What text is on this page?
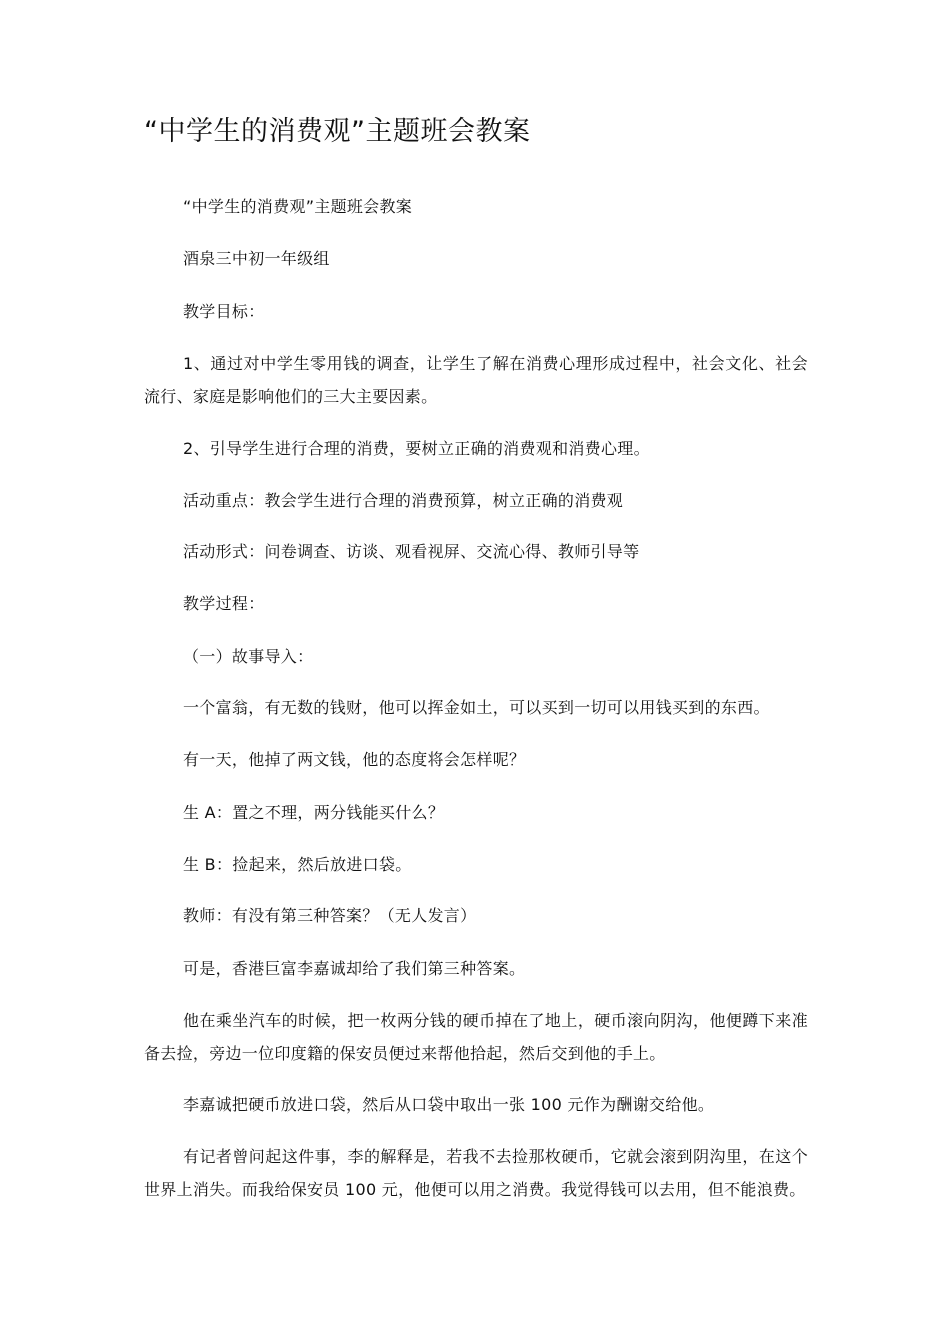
“中学生的消费观”主题班会教案

“中学生的消费观”主题班会教案

酒泉三中初一年级组

教学目标：

1、通过对中学生零用钱的调查，让学生了解在消费心理形成过程中，社会文化、社会流行、家庭是影响他们的三大主要因素。

2、引导学生进行合理的消费，要树立正确的消费观和消费心理。

活动重点：教会学生进行合理的消费预算，树立正确的消费观

活动形式：问卷调查、访谈、观看视屏、交流心得、教师引导等

教学过程：

（一）故事导入：

一个富翁，有无数的钱财，他可以挥金如土，可以买到一切可以用钱买到的东西。

有一天，他掉了两文钱，他的态度将会怎样呢？

生 A：置之不理，两分钱能买什么？

生 B：捡起来，然后放进口袋。

教师：有没有第三种答案？（无人发言）

可是，香港巨富李嘉诚却给了我们第三种答案。

他在乘坐汽车的时候，把一枚两分钱的硬币掉在了地上，硬币滚向阴沟，他便蹲下来准备去捡，旁边一位印度籍的保安员便过来帮他拾起，然后交到他的手上。

李嘉诚把硬币放进口袋，然后从口袋中取出一张 100 元作为酬谢交给他。

有记者曾问起这件事，李的解释是，若我不去捡那枚硬币，它就会滚到阴沟里，在这个世界上消失。而我给保安员 100 元，他便可以用之消费。我觉得钱可以去用，但不能浪费。
